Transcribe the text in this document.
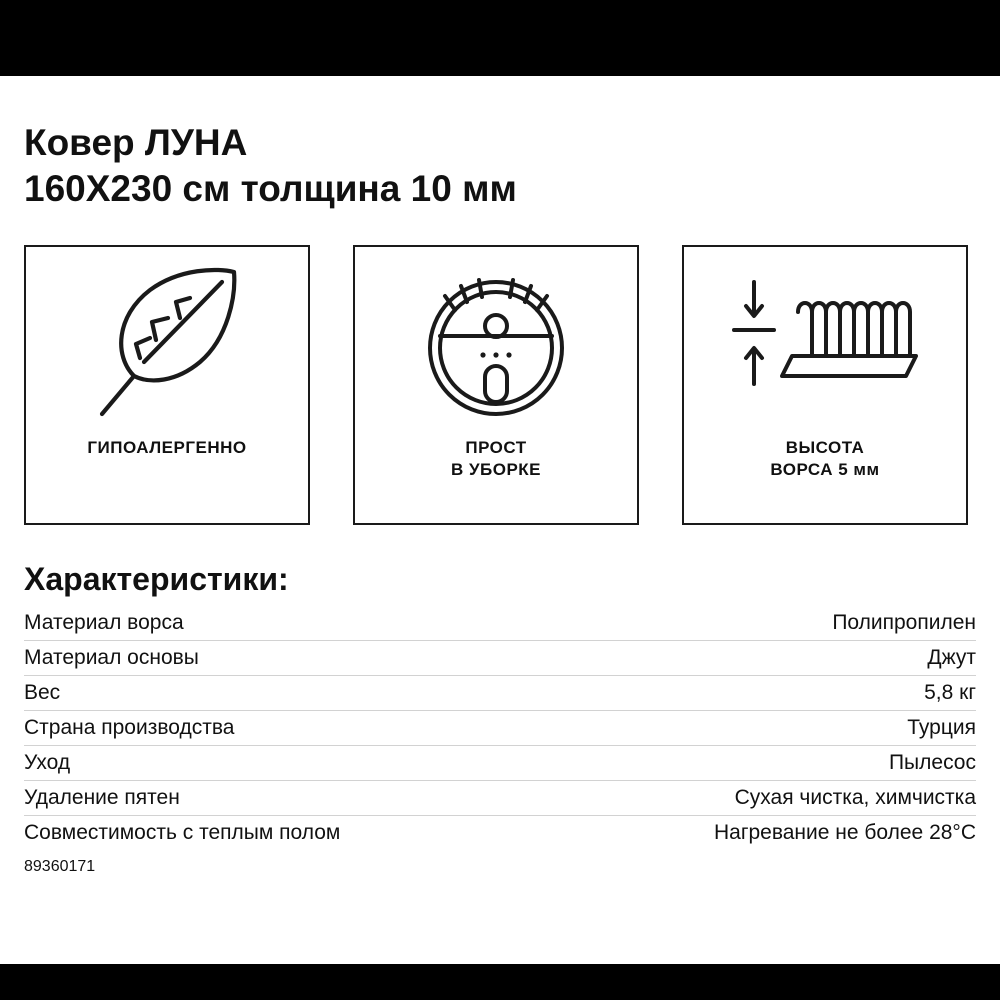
Ковер ЛУНА
160X230 см толщина 10 мм
ГИПОАЛЕРГЕННО	ПРОСТ
В УБОРКЕ
ВЫСОТА
ВОРСА 5 мм
Характеристики:
Материал ворса	Полипропилен
Материал основы	Джут
Вес	5,8 кг
Страна производства	Турция
Уход	Пылесос
Удаление пятен	Сухая чистка, химчистка
Совместимость с теплым полом	Нагревание не более 28°C
89360171
